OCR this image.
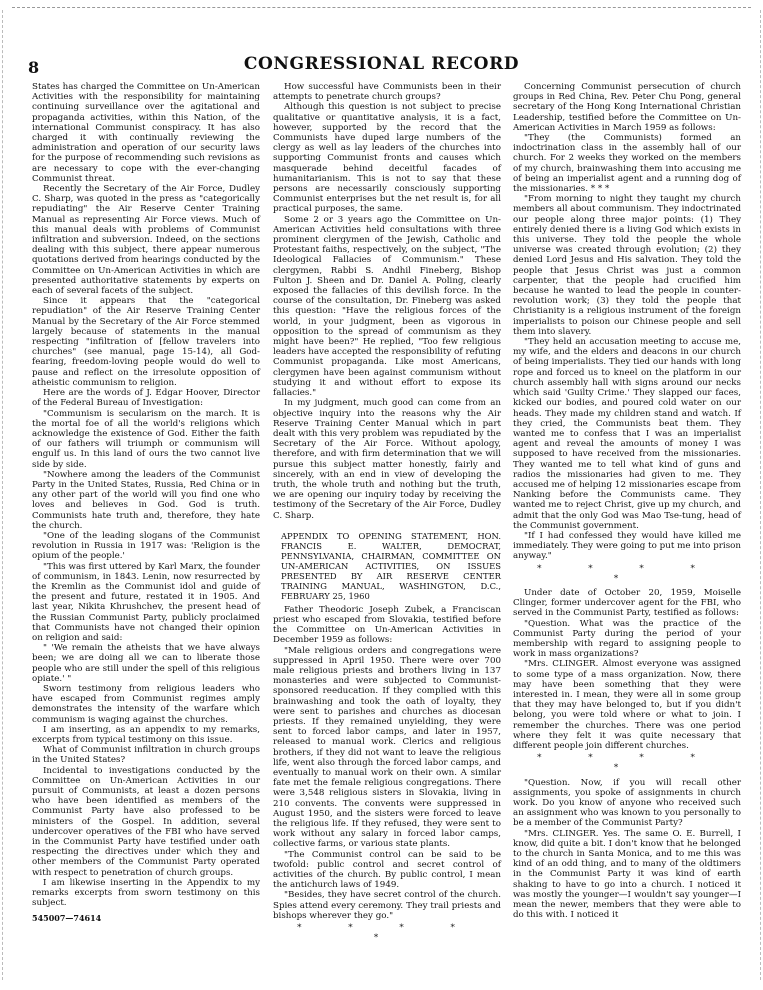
8	CONGRESSIONAL RECORD

States has charged the Committee on Un-American Activities with the responsibility for maintaining continuing surveillance over the agitational and propaganda activities, within this Nation, of the international Communist conspiracy. It has also charged it with continually reviewing the administration and operation of our security laws for the purpose of recommending such revisions as are necessary to cope with the ever-changing Communist threat.

Recently the Secretary of the Air Force, Dudley C. Sharp, was quoted in the press as "categorically repudiating" the Air Reserve Center Training Manual as representing Air Force views. Much of this manual deals with problems of Communist infiltration and subversion. Indeed, on the sections dealing with this subject, there appear numerous quotations derived from hearings conducted by the Committee on Un-American Activities in which are presented authoritative statements by experts on each of several facets of the subject.

Since it appears that the "categorical repudiation" of the Air Reserve Training Center Manual by the Secretary of the Air Force stemmed largely because of statements in the manual respecting "infiltration of [fellow travelers into churches" (see manual, page 15-14), all God-fearing, freedom-loving people would do well to pause and reflect on the irresolute opposition of atheistic communism to religion.

Here are the words of J. Edgar Hoover, Director of the Federal Bureau of Investigation:

"Communism is secularism on the march. It is the mortal foe of all the world's religions which acknowledge the existence of God. Either the faith of our fathers will triumph or communism will engulf us. In this land of ours the two cannot live side by side.

"Nowhere among the leaders of the Communist Party in the United States, Russia, Red China or in any other part of the world will you find one who loves and believes in God. God is truth. Communists hate truth and, therefore, they hate the church.

"One of the leading slogans of the Communist revolution in Russia in 1917 was: 'Religion is the opium of the people.'

"This was first uttered by Karl Marx, the founder of communism, in 1843. Lenin, now resurrected by the Kremlin as the Communist idol and guide of the present and future, restated it in 1905. And last year, Nikita Khrushchev, the present head of the Russian Communist Party, publicly proclaimed that Communists have not changed their opinion on religion and said:

" 'We remain the atheists that we have always been; we are doing all we can to liberate those people who are still under the spell of this religious opiate.' "

Sworn testimony from religious leaders who have escaped from Communist regimes amply demonstrates the intensity of the warfare which communism is waging against the churches.

I am inserting, as an appendix to my remarks, excerpts from typical testimony on this issue.

What of Communist infiltration in church groups in the United States?

Incidental to investigations conducted by the Committee on Un-American Activities in our pursuit of Communists, at least a dozen persons who have been identified as members of the Communist Party have also professed to be ministers of the Gospel. In addition, several undercover operatives of the FBI who have served in the Communist Party have testified under oath respecting the directives under which they and other members of the Communist Party operated with respect to penetration of church groups.

I am likewise inserting in the Appendix to my remarks excerpts from sworn testimony on this subject.

How successful have Communists been in their attempts to penetrate church groups?

Although this question is not subject to precise qualitative or quantitative analysis, it is a fact, however, supported by the record that the Communists have duped large numbers of the clergy as well as lay leaders of the churches into supporting Communist fronts and causes which masquerade behind deceitful facades of humanitarianism. This is not to say that these persons are necessarily consciously supporting Communist enterprises but the net result is, for all practical purposes, the same.

Some 2 or 3 years ago the Committee on Un-American Activities held consultations with three prominent clergymen of the Jewish, Catholic and Protestant faiths, respectively, on the subject, "The Ideological Fallacies of Communism." These clergymen, Rabbi S. Andhil Fineberg, Bishop Fulton J. Sheen and Dr. Daniel A. Poling, clearly exposed the fallacies of this devilish force. In the course of the consultation, Dr. Fineberg was asked this question: "Have the religious forces of the world, in your judgment, been as vigorous in opposition to the spread of communism as they might have been?" He replied, "Too few religious leaders have accepted the responsibility of refuting Communist propaganda. Like most Americans, clergymen have been against communism without studying it and without effort to expose its fallacies."

In my judgment, much good can come from an objective inquiry into the reasons why the Air Reserve Training Center Manual which in part dealt with this very problem was repudiated by the Secretary of the Air Force. Without apology, therefore, and with firm determination that we will pursue this subject matter honestly, fairly and sincerely, with an end in view of developing the truth, the whole truth and nothing but the truth, we are opening our inquiry today by receiving the testimony of the Secretary of the Air Force, Dudley C. Sharp.

APPENDIX TO OPENING STATEMENT, HON. FRANCIS E. WALTER, DEMOCRAT, PENNSYLVANIA, CHAIRMAN, COMMITTEE ON UN-AMERICAN ACTIVITIES, ON ISSUES PRESENTED BY AIR RESERVE CENTER TRAINING MANUAL, WASHINGTON, D.C., FEBRUARY 25, 1960

Father Theodoric Joseph Zubek, a Franciscan priest who escaped from Slovakia, testified before the Committee on Un-American Activities in December 1959 as follows:

"Male religious orders and congregations were suppressed in April 1950. There were over 700 male religious priests and brothers living in 137 monasteries and were subjected to Communist-sponsored reeducation. If they complied with this brainwashing and took the oath of loyalty, they were sent to parishes and churches as diocesan priests. If they remained unyielding, they were sent to forced labor camps, and later in 1957, released to manual work. Clerics and religious brothers, if they did not want to leave the religious life, went also through the forced labor camps, and eventually to manual work on their own. A similar fate met the female religious congregations. There were 3,548 religious sisters in Slovakia, living in 210 convents. The convents were suppressed in August 1950, and the sisters were forced to leave the religious life. If they refused, they were sent to work without any salary in forced labor camps, collective farms, or various state plants.

"The Communist control can be said to be twofold: public control and secret control of activities of the church. By public control, I mean the antichurch laws of 1949.

"Besides, they have secret control of the church. Spies attend every ceremony. They trail priests and bishops wherever they go."

* * * * *

Concerning Communist persecution of church groups in Red China, Rev. Peter Chu Pong, general secretary of the Hong Kong International Christian Leadership, testified before the Committee on Un-American Activities in March 1959 as follows:

"They (the Communists) formed an indoctrination class in the assembly hall of our church. For 2 weeks they worked on the members of my church, brainwashing them into accusing me of being an imperialist agent and a running dog of the missionaries. * * *

"From morning to night they taught my church members all about communism. They indoctrinated our people along three major points: (1) They entirely denied there is a living God which exists in this universe. They told the people the whole universe was created through evolution; (2) they denied Lord Jesus and His salvation. They told the people that Jesus Christ was just a common carpenter, that the people had crucified him because he wanted to lead the people in counter-revolution work; (3) they told the people that Christianity is a religious instrument of the foreign imperialists to poison our Chinese people and sell them into slavery.

"They held an accusation meeting to accuse me, my wife, and the elders and deacons in our church of being imperialists. They tied our hands with long rope and forced us to kneel on the platform in our church assembly hall with signs around our necks which said 'Guilty Crime.' They slapped our faces, kicked our bodies, and poured cold water on our heads. They made my children stand and watch. If they cried, the Communists beat them. They wanted me to confess that I was an imperialist agent and reveal the amounts of money I was supposed to have received from the missionaries. They wanted me to tell what kind of guns and radios the missionaries had given to me. They accused me of helping 12 missionaries escape from Nanking before the Communists came. They wanted me to reject Christ, give up my church, and admit that the only God was Mao Tse-tung, head of the Communist government.

"If I had confessed they would have killed me immediately. They were going to put me into prison anyway."

* * * * *

Under date of October 20, 1959, Moiselle Clinger, former undercover agent for the FBI, who served in the Communist Party, testified as follows:

"Question. What was the practice of the Communist Party during the period of your membership with regard to assigning people to work in mass organizations?

"Mrs. CLINGER. Almost everyone was assigned to some type of a mass organization. Now, there may have been something that they were interested in. I mean, they were all in some group that they may have belonged to, but if you didn't belong, you were told where or what to join. I remember the churches. There was one period where they felt it was quite necessary that different people join different churches.

* * * * *

"Question. Now, if you will recall other assignments, you spoke of assignments in church work. Do you know of anyone who received such an assignment who was known to you personally to be a member of the Communist Party?

"Mrs. CLINGER. Yes. The same O. E. Burrell, I know, did quite a bit. I don't know that he belonged to the church in Santa Monica, and to me this was kind of an odd thing, and to many of the oldtimers in the Communist Party it was kind of earth shaking to have to go into a church. I noticed it was mostly the younger—I wouldn't say younger—I mean the newer, members that they were able to do this with. I noticed it

545007—74614
